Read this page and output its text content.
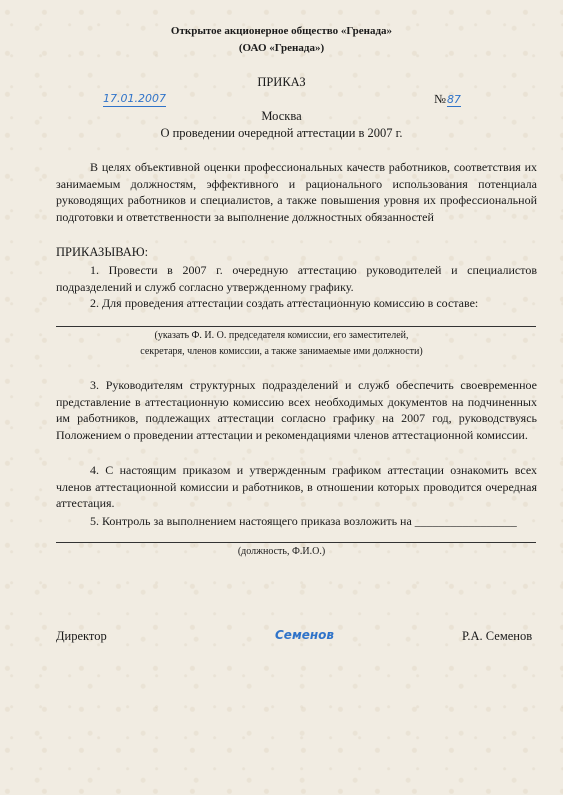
Открытое акционерное общество «Гренада»
(ОАО «Гренада»)
ПРИКАЗ
17.01.2007	№87
Москва
О проведении очередной аттестации в 2007 г.
В целях объективной оценки профессиональных качеств работников, соответствия их занимаемым должностям, эффективного и рационального использования потенциала руководящих работников и специалистов, а также повышения уровня их профессиональной подготовки и ответственности за выполнение должностных обязанностей
ПРИКАЗЫВАЮ:
1. Провести в 2007 г. очередную аттестацию руководителей и специалистов подразделений и служб согласно утвержденному графику.
2. Для проведения аттестации создать аттестационную комиссию в составе:
(указать Ф. И. О. председателя комиссии, его заместителей,
секретаря, членов комиссии, а также занимаемые ими должности)
3. Руководителям структурных подразделений и служб обеспечить своевременное представление в аттестационную комиссию всех необходимых документов на подчиненных им работников, подлежащих аттестации согласно графику на 2007 год, руководствуясь Положением о проведении аттестации и рекомендациями членов аттестационной комиссии.
4. С настоящим приказом и утвержденным графиком аттестации ознакомить всех членов аттестационной комиссии и работников, в отношении которых проводится очередная аттестация.
5. Контроль за выполнением настоящего приказа возложить на _________________
(должность, Ф.И.О.)
Директор	Семенов	Р.А. Семенов
